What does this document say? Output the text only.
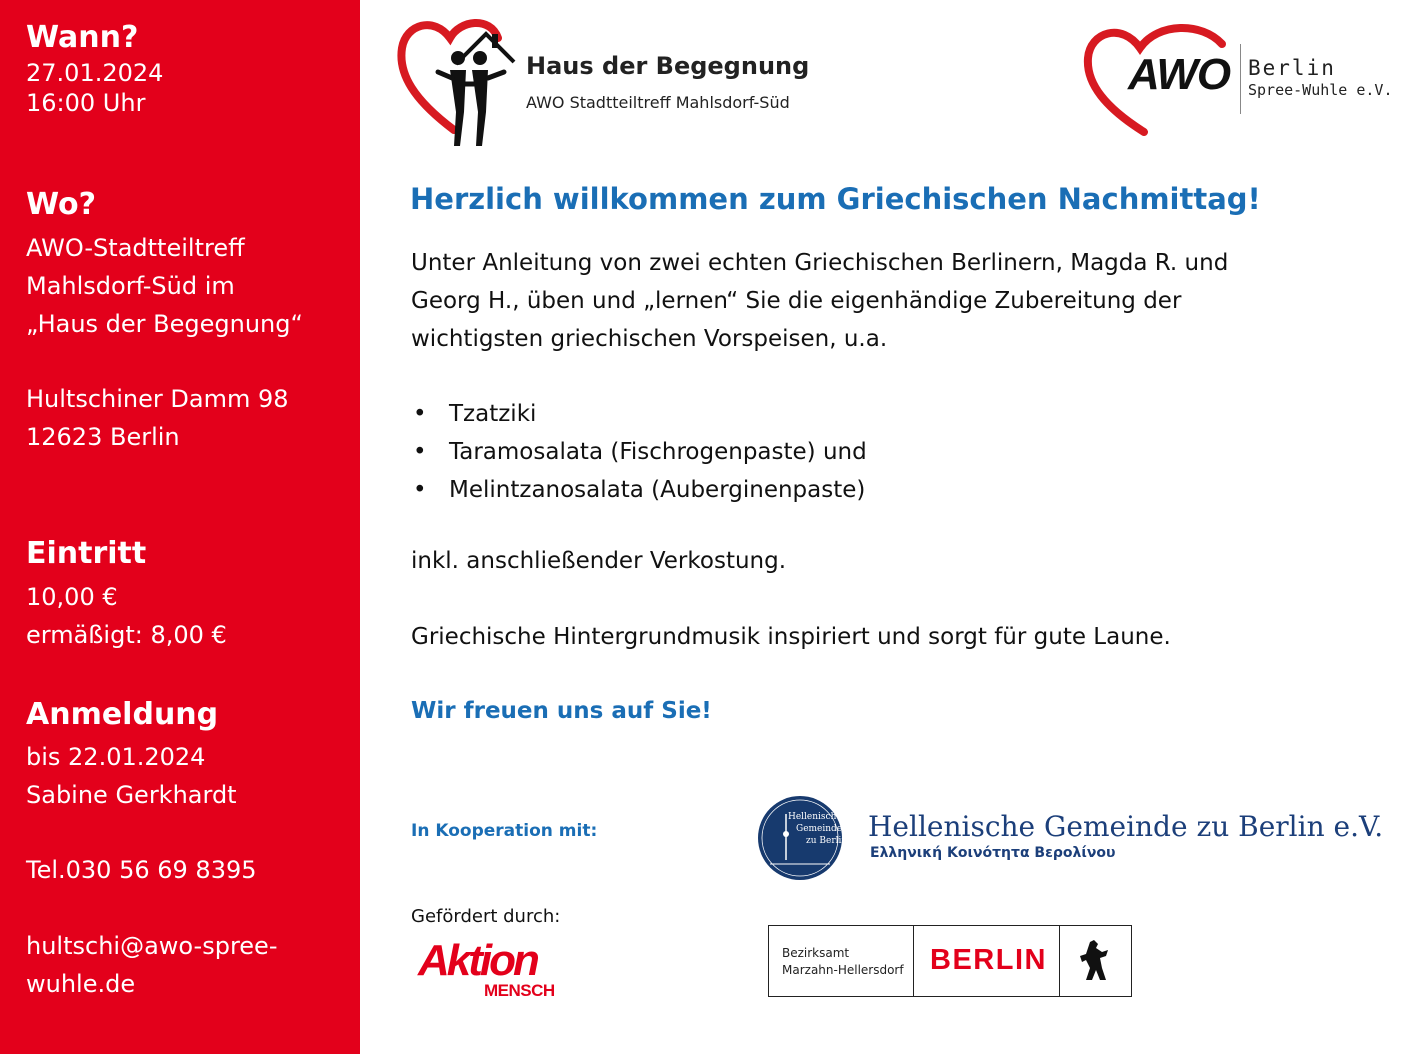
Wann?

27.01.2024

16:00 Uhr

Wo?

AWO-Stadtteiltreff

Mahlsdorf-Süd im

„Haus der Begegnung“

Hultschiner Damm 98

12623 Berlin

Eintritt

10,00 €

ermäßigt: 8,00 €

Anmeldung

bis 22.01.2024

Sabine Gerkhardt

Tel.030 56 69 8395

hultschi@awo-spree-

wuhle.de

Haus der Begegnung
AWO Stadtteiltreff Mahlsdorf-Süd
AWO Berlin
Spree-Wuhle e.V.
Herzlich willkommen zum Griechischen Nachmittag!

Unter Anleitung von zwei echten Griechischen Berlinern, Magda R. und

Georg H., üben und „lernen“ Sie die eigenhändige Zubereitung der

wichtigsten griechischen Vorspeisen, u.a.

• Tzatziki
• Taramosalata (Fischrogenpaste) und
• Melintzanosalata (Auberginenpaste)
inkl. anschließender Verkostung.
Griechische Hintergrundmusik inspiriert und sorgt für gute Laune.
Wir freuen uns auf Sie!
In Kooperation mit:
Hellenische
Gemeinde
zu Berlin Hellenische Gemeinde zu Berlin e.V.
Ελληνική Κοινότητα Βερολίνου
Gefördert durch:
Aktion
MENSCH
Bezirksamt
Marzahn-Hellersdorf BERLIN
